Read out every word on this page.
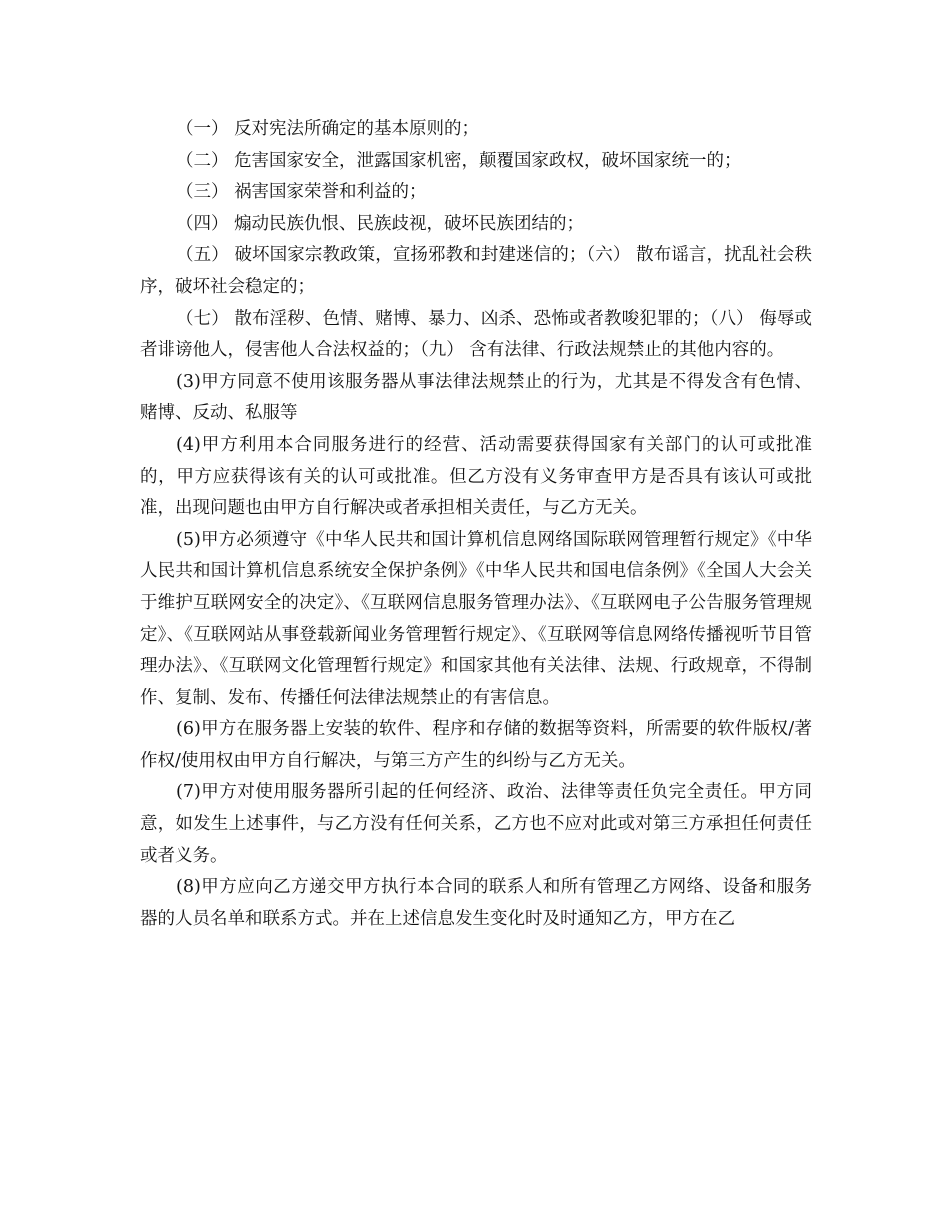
（一） 反对宪法所确定的基本原则的；

（二） 危害国家安全，泄露国家机密，颠覆国家政权，破坏国家统一的；

（三） 祸害国家荣誉和利益的；

（四） 煽动民族仇恨、民族歧视，破坏民族团结的；

（五） 破坏国家宗教政策，宣扬邪教和封建迷信的；（六） 散布谣言，扰乱社会秩序，破坏社会稳定的；

（七） 散布淫秽、色情、赌博、暴力、凶杀、恐怖或者教唆犯罪的；（八） 侮辱或者诽谤他人，侵害他人合法权益的；（九） 含有法律、行政法规禁止的其他内容的。

(3)甲方同意不使用该服务器从事法律法规禁止的行为，尤其是不得发含有色情、赌博、反动、私服等

(4)甲方利用本合同服务进行的经营、活动需要获得国家有关部门的认可或批准的，甲方应获得该有关的认可或批准。但乙方没有义务审查甲方是否具有该认可或批准，出现问题也由甲方自行解决或者承担相关责任，与乙方无关。

(5)甲方必须遵守《中华人民共和国计算机信息网络国际联网管理暂行规定》《中华人民共和国计算机信息系统安全保护条例》《中华人民共和国电信条例》《全国人大会关于维护互联网安全的决定》、《互联网信息服务管理办法》、《互联网电子公告服务管理规定》、《互联网站从事登载新闻业务管理暂行规定》、《互联网等信息网络传播视听节目管理办法》、《互联网文化管理暂行规定》和国家其他有关法律、法规、行政规章，不得制作、复制、发布、传播任何法律法规禁止的有害信息。

(6)甲方在服务器上安装的软件、程序和存储的数据等资料，所需要的软件版权/著作权/使用权由甲方自行解决，与第三方产生的纠纷与乙方无关。

(7)甲方对使用服务器所引起的任何经济、政治、法律等责任负完全责任。甲方同意，如发生上述事件，与乙方没有任何关系，乙方也不应对此或对第三方承担任何责任或者义务。

(8)甲方应向乙方递交甲方执行本合同的联系人和所有管理乙方网络、设备和服务器的人员名单和联系方式。并在上述信息发生变化时及时通知乙方，甲方在乙
